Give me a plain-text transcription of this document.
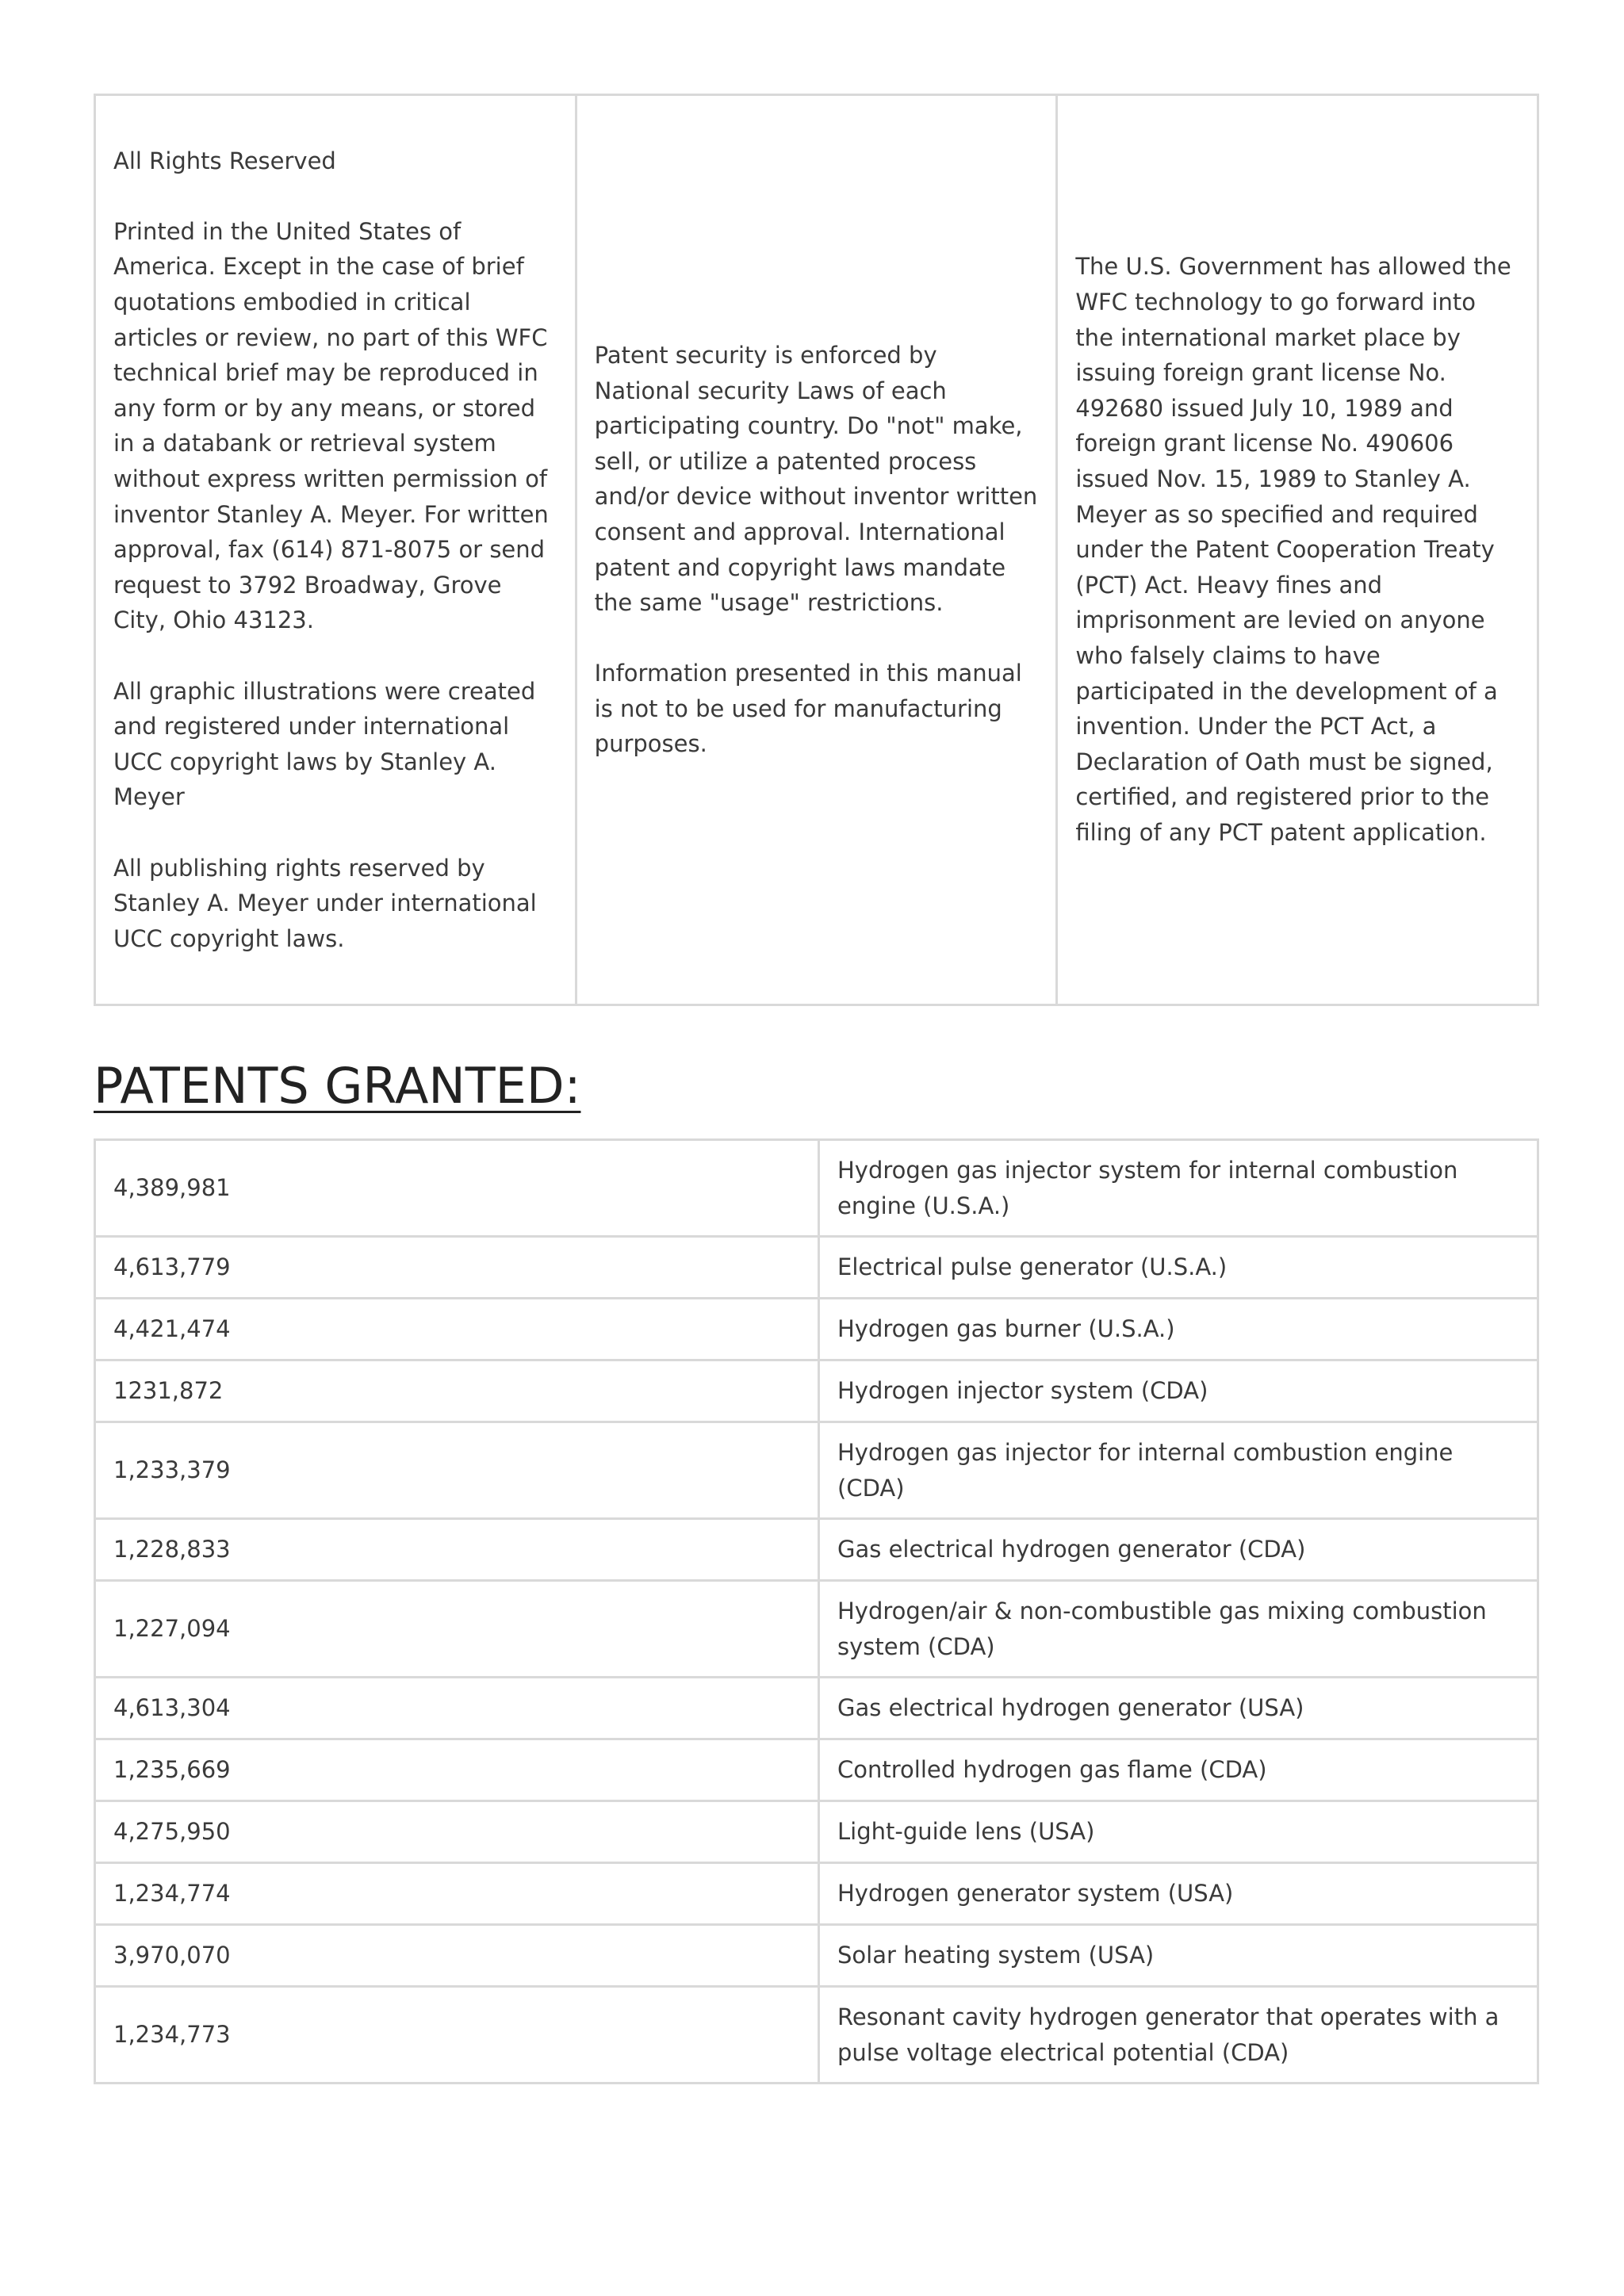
All Rights Reserved

Printed in the United States of America. Except in the case of brief quotations embodied in critical articles or review, no part of this WFC technical brief may be reproduced in any form or by any means, or stored in a databank or retrieval system without express written permission of inventor Stanley A. Meyer. For written approval, fax (614) 871-8075 or send request to 3792 Broadway, Grove City, Ohio 43123.

All graphic illustrations were created and registered under international UCC copyright laws by Stanley A. Meyer

All publishing rights reserved by Stanley A. Meyer under international UCC copyright laws.

Patent security is enforced by National security Laws of each participating country. Do "not" make, sell, or utilize a patented process and/or device without inventor written consent and approval. International patent and copyright laws mandate the same "usage" restrictions.

Information presented in this manual is not to be used for manufacturing purposes.

The U.S. Government has allowed the WFC technology to go forward into the international market place by issuing foreign grant license No. 492680 issued July 10, 1989 and foreign grant license No. 490606 issued Nov. 15, 1989 to Stanley A. Meyer as so specified and required under the Patent Cooperation Treaty (PCT) Act. Heavy fines and imprisonment are levied on anyone who falsely claims to have participated in the development of a invention. Under the PCT Act, a Declaration of Oath must be signed, certified, and registered prior to the filing of any PCT patent application.

PATENTS GRANTED:
4,389,981	Hydrogen gas injector system for internal combustion engine (U.S.A.)
4,613,779	Electrical pulse generator (U.S.A.)
4,421,474	Hydrogen gas burner (U.S.A.)
1231,872	Hydrogen injector system (CDA)
1,233,379	Hydrogen gas injector for internal combustion engine (CDA)
1,228,833	Gas electrical hydrogen generator (CDA)
1,227,094	Hydrogen/air & non-combustible gas mixing combustion system (CDA)
4,613,304	Gas electrical hydrogen generator (USA)
1,235,669	Controlled hydrogen gas flame (CDA)
4,275,950	Light-guide lens (USA)
1,234,774	Hydrogen generator system (USA)
3,970,070	Solar heating system (USA)
1,234,773	Resonant cavity hydrogen generator that operates with a pulse voltage electrical potential (CDA)
